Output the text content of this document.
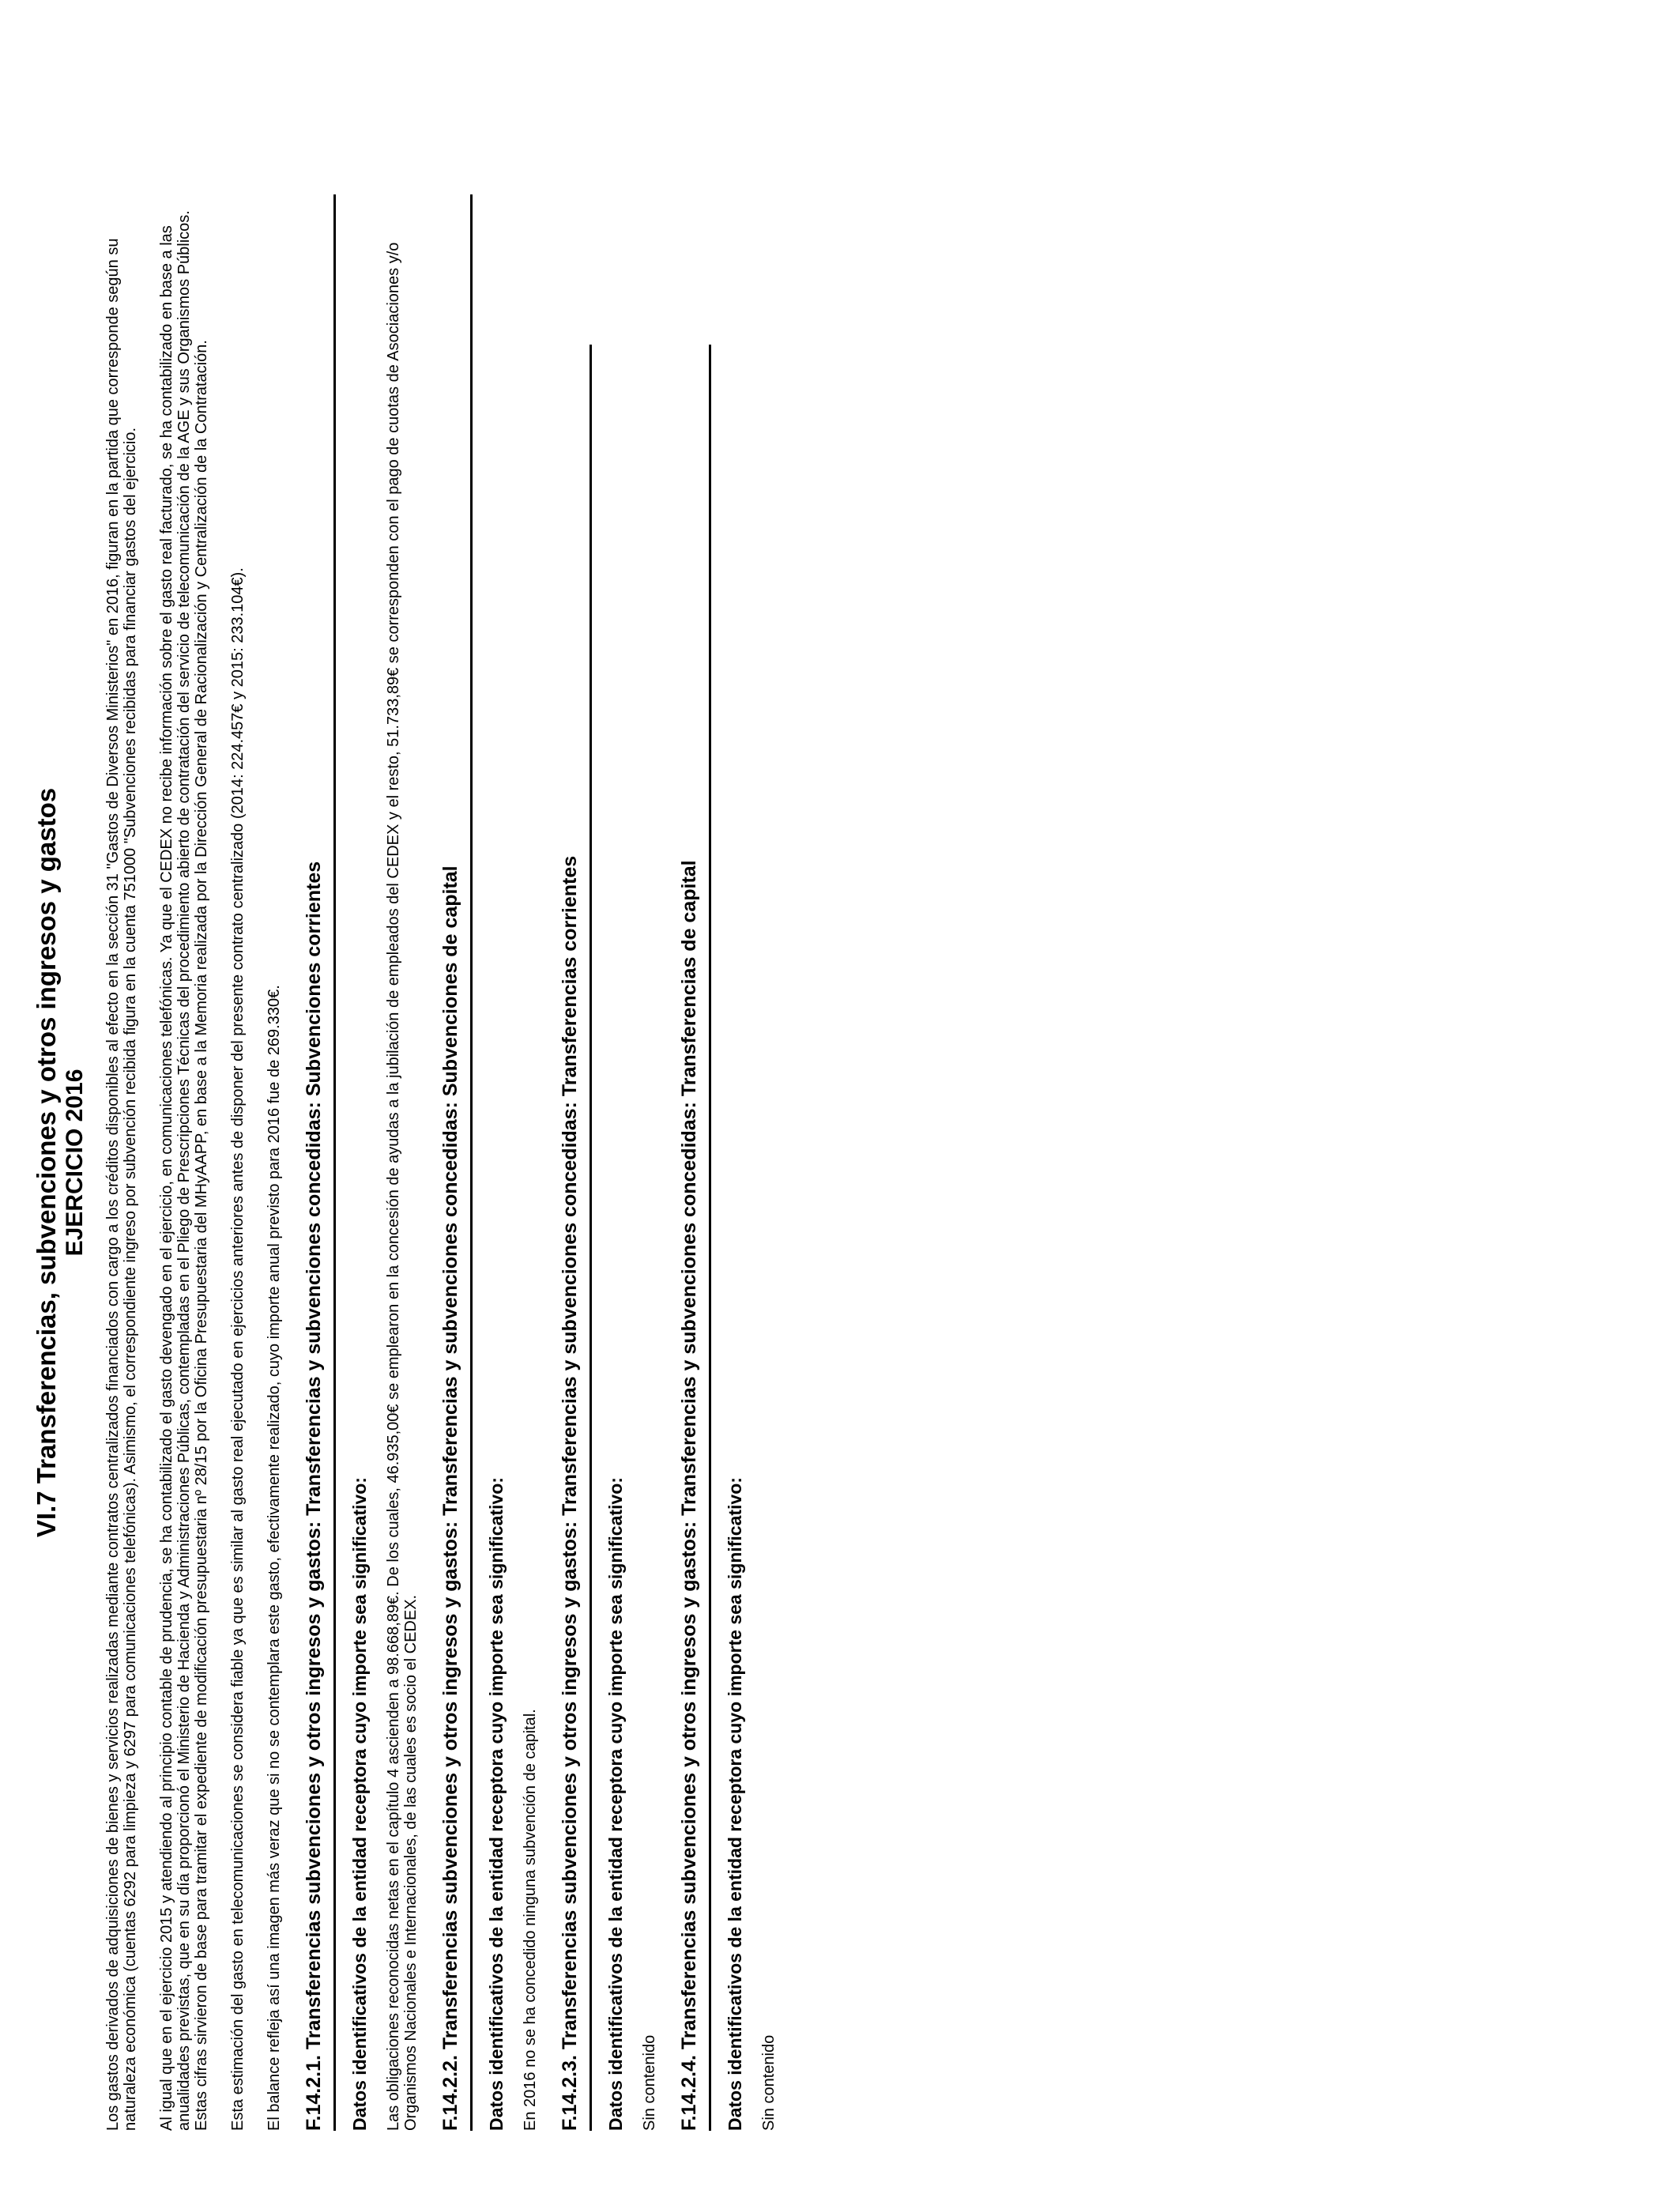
VI.7 Transferencias, subvenciones y otros ingresos y gastos EJERCICIO 2016 Los gastos derivados de adquisiciones de bienes y servicios realizadas mediante contratos centralizados financiados con cargo a los créditos disponibles al efecto en la sección 31 "Gastos de Diversos Ministerios" en 2016, figuran en la partida que corresponde según su naturaleza económica (cuentas 6292 para limpieza y 6297 para comunicaciones telefónicas). Asimismo, el correspondiente ingreso por subvención recibida figura en la cuenta 751000 "Subvenciones recibidas para financiar gastos del ejercicio. Al igual que en el ejercicio 2015 y atendiendo al principio contable de prudencia, se ha contabilizado el gasto devengado en el ejercicio, en comunicaciones telefónicas. Ya que el CEDEX no recibe información sobre el gasto real facturado, se ha contabilizado en base a las anualidades previstas, que en su día proporcionó el Ministerio de Hacienda y Administraciones Públicas, contempladas en el Pliego de Prescripciones Técnicas del procedimiento abierto de contratación del servicio de telecomunicación de la AGE y sus Organismos Públicos. Estas cifras sirvieron de base para tramitar el expediente de modificación presupuestaria nº 28/15 por la Oficina Presupuestaria del MHyAAPP, en base a la Memoria realizada por la Dirección General de Racionalización y Centralización de la Contratación. Esta estimación del gasto en telecomunicaciones se considera fiable ya que es similar al gasto real ejecutado en ejercicios anteriores antes de disponer del presente contrato centralizado (2014: 224.457€ y 2015: 233.104€). El balance refleja así una imagen más veraz que si no se contemplara este gasto, efectivamente realizado, cuyo importe anual previsto para 2016 fue de 269.330€. F.14.2.1. Transferencias subvenciones y otros ingresos y gastos: Transferencias y subvenciones concedidas: Subvenciones corrientes Datos identificativos de la entidad receptora cuyo importe sea significativo: Las obligaciones reconocidas netas en el capítulo 4 ascienden a 98.668,89€. De los cuales, 46.935,00€ se emplearon en la concesión de ayudas a la jubilación de empleados del CEDEX y el resto, 51.733,89€ se corresponden con el pago de cuotas de Asociaciones y/o Organismos Nacionales e Internacionales, de las cuales es socio el CEDEX. F.14.2.2. Transferencias subvenciones y otros ingresos y gastos: Transferencias y subvenciones concedidas: Subvenciones de capital Datos identificativos de la entidad receptora cuyo importe sea significativo: En 2016 no se ha concedido ninguna subvención de capital. F.14.2.3. Transferencias subvenciones y otros ingresos y gastos: Transferencias y subvenciones concedidas: Transferencias corrientes Datos identificativos de la entidad receptora cuyo importe sea significativo: Sin contenido F.14.2.4. Transferencias subvenciones y otros ingresos y gastos: Transferencias y subvenciones concedidas: Transferencias de capital Datos identificativos de la entidad receptora cuyo importe sea significativo: Sin contenido
